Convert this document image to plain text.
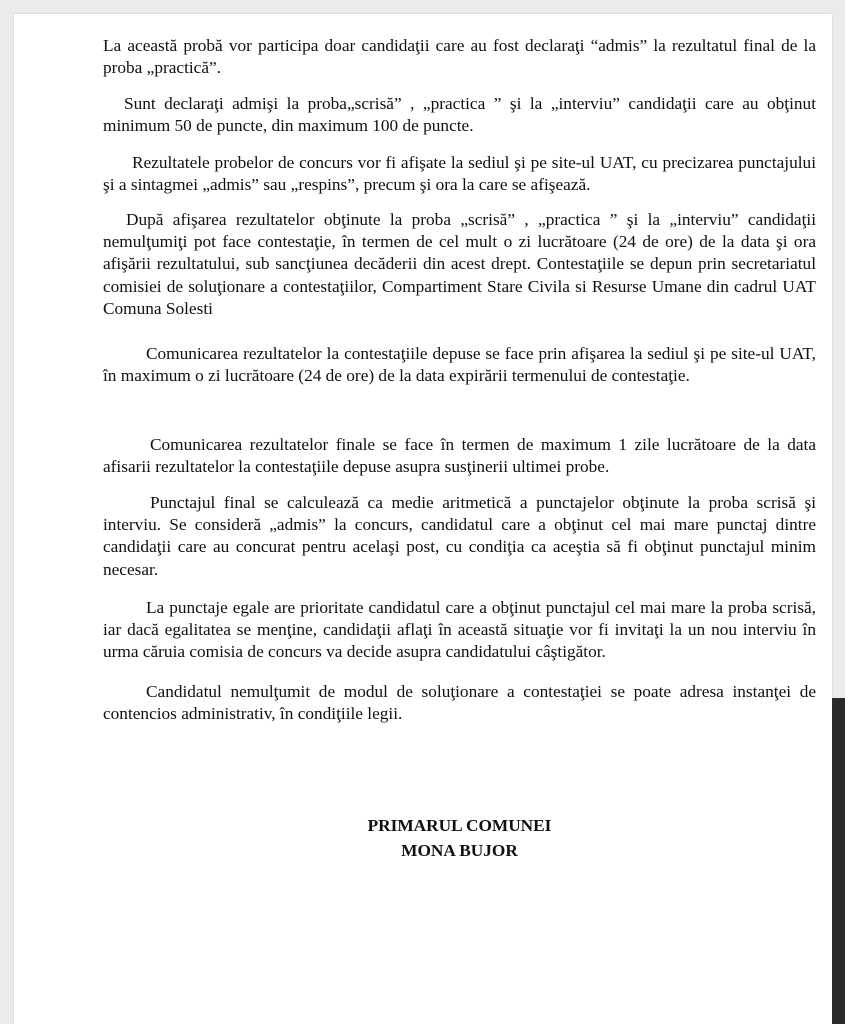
La această probă vor participa doar candidaţii care au fost declaraţi “admis” la rezultatul final de la proba „practică”.

Sunt declaraţi admişi la proba„scrisă” , „practica ” şi la „interviu” candidaţii care au obţinut minimum 50 de puncte, din maximum 100 de puncte.

Rezultatele probelor de concurs vor fi afişate la sediul şi pe site-ul UAT, cu precizarea punctajului şi a sintagmei „admis” sau „respins”, precum şi ora la care se afişează.

După afişarea rezultatelor obţinute la proba „scrisă” , „practica ” şi la „interviu” candidaţii nemulţumiţi pot face contestaţie, în termen de cel mult o zi lucrătoare (24 de ore) de la data şi ora afişării rezultatului, sub sancţiunea decăderii din acest drept. Contestaţiile se depun prin secretariatul comisiei de soluţionare a contestaţiilor, Compartiment Stare Civila si Resurse Umane din cadrul UAT Comuna Solesti

Comunicarea rezultatelor la contestaţiile depuse se face prin afişarea la sediul şi pe site-ul UAT, în maximum o zi lucrătoare (24 de ore) de la data expirării termenului de contestaţie.

Comunicarea rezultatelor finale se face în termen de maximum 1 zile lucrătoare de la data afisarii rezultatelor la contestaţiile depuse asupra susţinerii ultimei probe.

Punctajul final se calculează ca medie aritmetică a punctajelor obţinute la proba scrisă şi interviu. Se consideră „admis” la concurs, candidatul care a obţinut cel mai mare punctaj dintre candidaţii care au concurat pentru acelaşi post, cu condiţia ca aceştia să fi obţinut punctajul minim necesar.

La punctaje egale are prioritate candidatul care a obţinut punctajul cel mai mare la proba scrisă, iar dacă egalitatea se menţine, candidaţii aflaţi în această situaţie vor fi invitaţi la un nou interviu în urma căruia comisia de concurs va decide asupra candidatului câştigător.

Candidatul nemulţumit de modul de soluţionare a contestaţiei se poate adresa instanţei de contencios administrativ, în condiţiile legii.

PRIMARUL COMUNEI

MONA BUJOR
